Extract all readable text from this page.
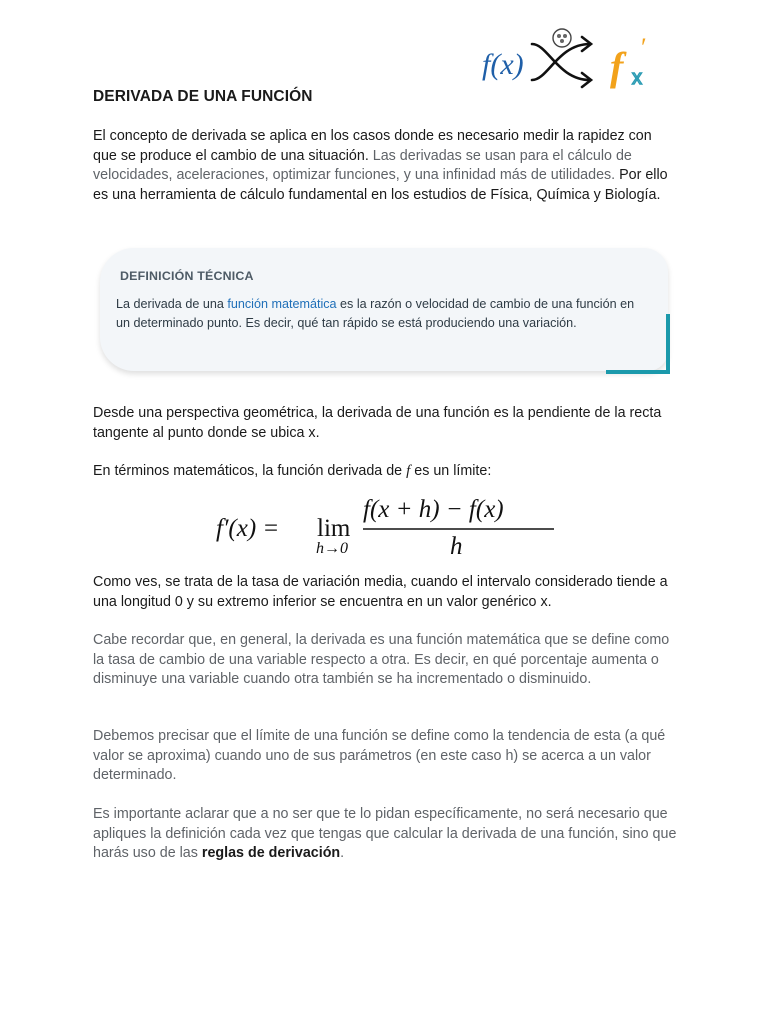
f(x) f ′
x
DERIVADA DE UNA FUNCIÓN

El concepto de derivada se aplica en los casos donde es necesario medir la rapidez con que se produce el cambio de una situación. Las derivadas se usan para el cálculo de velocidades, aceleraciones, optimizar funciones, y una infinidad más de utilidades. Por ello es una herramienta de cálculo fundamental en los estudios de Física, Química y Biología.

DEFINICIÓN TÉCNICA
La derivada de una función matemática es la razón o velocidad de cambio de una función en un determinado punto. Es decir, qué tan rápido se está produciendo una variación.

Desde una perspectiva geométrica, la derivada de una función es la pendiente de la recta tangente al punto donde se ubica x.

En términos matemáticos, la función derivada de f es un límite:

f′(x) = lim
h→0
f(x + h) − f(x)
h

Como ves, se trata de la tasa de variación media, cuando el intervalo considerado tiende a una longitud 0 y su extremo inferior se encuentra en un valor genérico x.

Cabe recordar que, en general, la derivada es una función matemática que se define como la tasa de cambio de una variable respecto a otra. Es decir, en qué porcentaje aumenta o disminuye una variable cuando otra también se ha incrementado o disminuido.

Debemos precisar que el límite de una función se define como la tendencia de esta (a qué valor se aproxima) cuando uno de sus parámetros (en este caso h) se acerca a un valor determinado.

Es importante aclarar que a no ser que te lo pidan específicamente, no será necesario que apliques la definición cada vez que tengas que calcular la derivada de una función, sino que harás uso de las reglas de derivación.
